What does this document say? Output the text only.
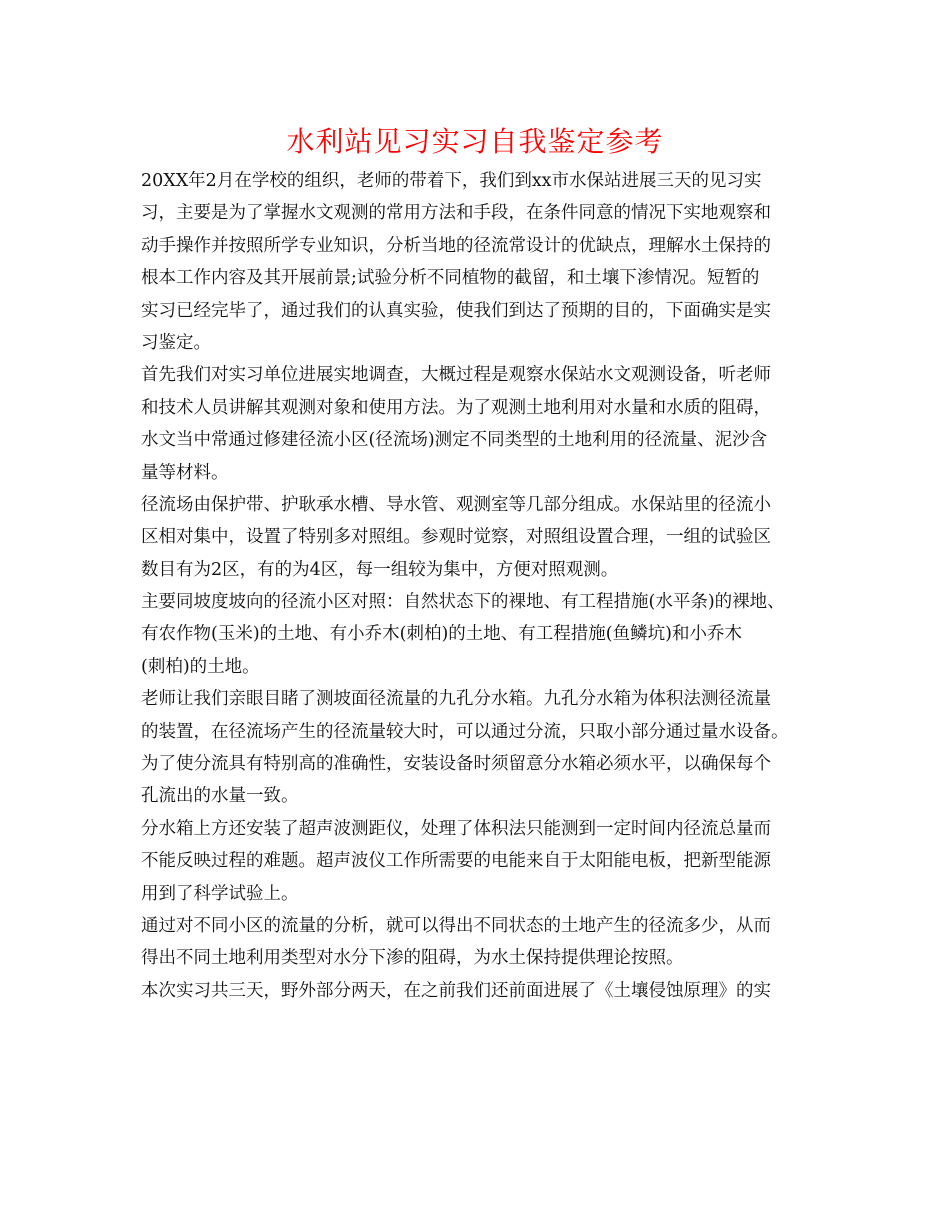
水利站见习实习自我鉴定参考

20XX年2月在学校的组织，老师的带着下，我们到xx市水保站进展三天的见习实
习，主要是为了掌握水文观测的常用方法和手段，在条件同意的情况下实地观察和
动手操作并按照所学专业知识，分析当地的径流常设计的优缺点，理解水土保持的
根本工作内容及其开展前景;试验分析不同植物的截留，和土壤下渗情况。短暂的
实习已经完毕了，通过我们的认真实验，使我们到达了预期的目的，下面确实是实
习鉴定。

首先我们对实习单位进展实地调查，大概过程是观察水保站水文观测设备，听老师
和技术人员讲解其观测对象和使用方法。为了观测土地利用对水量和水质的阻碍，
水文当中常通过修建径流小区(径流场)测定不同类型的土地利用的径流量、泥沙含
量等材料。

径流场由保护带、护耿承水槽、导水管、观测室等几部分组成。水保站里的径流小
区相对集中，设置了特别多对照组。参观时觉察，对照组设置合理，一组的试验区
数目有为2区，有的为4区，每一组较为集中，方便对照观测。

主要同坡度坡向的径流小区对照：自然状态下的裸地、有工程措施(水平条)的裸地、
有农作物(玉米)的土地、有小乔木(刺柏)的土地、有工程措施(鱼鳞坑)和小乔木
(刺柏)的土地。

老师让我们亲眼目睹了测坡面径流量的九孔分水箱。九孔分水箱为体积法测径流量
的装置，在径流场产生的径流量较大时，可以通过分流，只取小部分通过量水设备。
为了使分流具有特别高的准确性，安装设备时须留意分水箱必须水平，以确保每个
孔流出的水量一致。

分水箱上方还安装了超声波测距仪，处理了体积法只能测到一定时间内径流总量而
不能反映过程的难题。超声波仪工作所需要的电能来自于太阳能电板，把新型能源
用到了科学试验上。

通过对不同小区的流量的分析，就可以得出不同状态的土地产生的径流多少，从而
得出不同土地利用类型对水分下渗的阻碍，为水土保持提供理论按照。

本次实习共三天，野外部分两天，在之前我们还前面进展了《土壤侵蚀原理》的实
